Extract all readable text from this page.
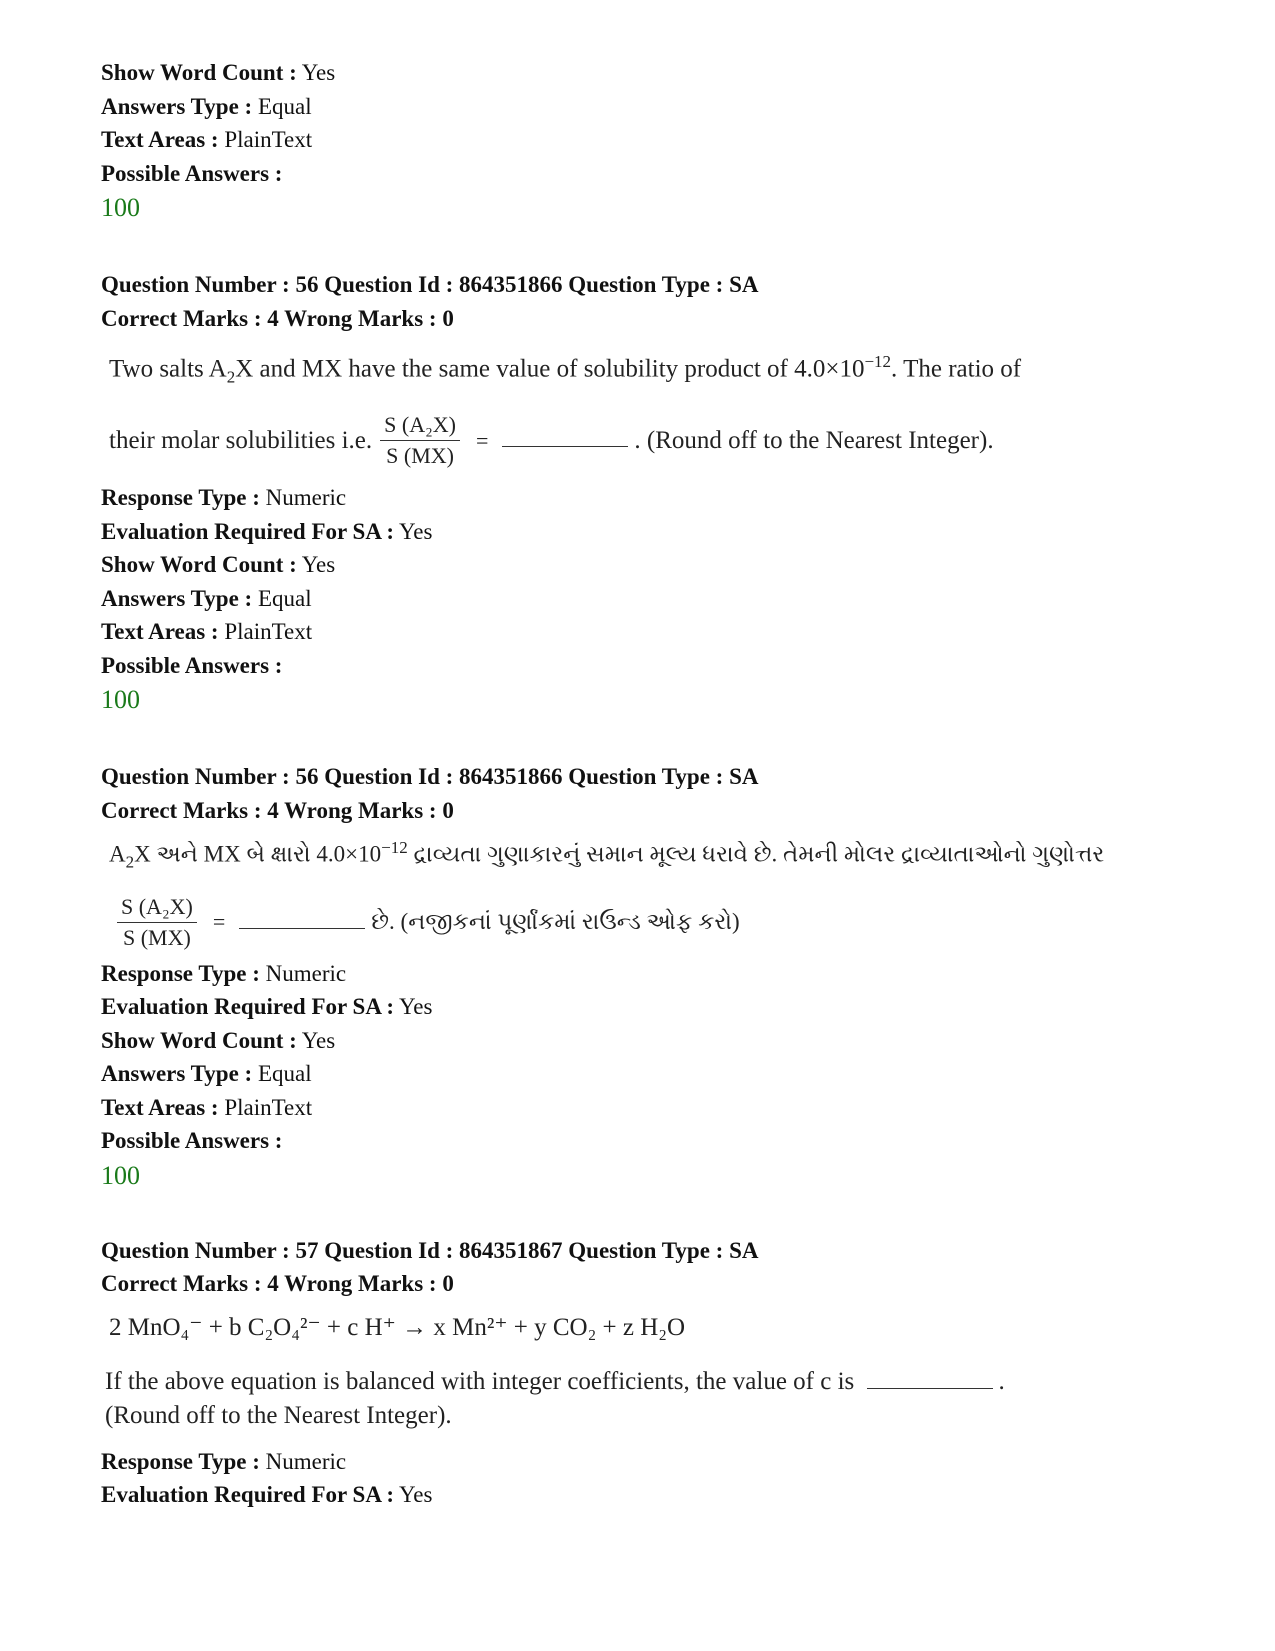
Show Word Count : Yes
Answers Type : Equal
Text Areas : PlainText
Possible Answers :
100
Question Number : 56 Question Id : 864351866 Question Type : SA
Correct Marks : 4 Wrong Marks : 0
Two salts $A_2X$ and MX have the same value of solubility product of $4.0\times 10^{-12}$. The ratio of
their molar solubilities i.e. $\frac{\text{S (A₂X)}}{S (MX)}$ =	. (Round off to the Nearest Integer).
Response Type : Numeric
Evaluation Required For SA : Yes
Show Word Count : Yes
Answers Type : Equal
Text Areas : PlainText
Possible Answers :
100
Question Number : 56 Question Id : 864351866 Question Type : SA
Correct Marks : 4 Wrong Marks : 0
$A_2X$ અને MX બે ક્ષારો $4.0\times 10^{-12}$ દ્રાવ્યતા ગુણાકારનું સમાન મૂલ્ય ધરાવે છે. તેમની મોલર દ્રાવ્યાતાઓનો ગુણોત્તર
$\frac{\text{S (A₂X)}}{S (MX)}$ =	છે. (નજીકનાં પૂર્ણાંકમાં રાઉન્ડ ઓફ કરો)
Response Type : Numeric
Evaluation Required For SA : Yes
Show Word Count : Yes
Answers Type : Equal
Text Areas : PlainText
Possible Answers :
100
Question Number : 57 Question Id : 864351867 Question Type : SA
Correct Marks : 4 Wrong Marks : 0
2 MnO₄⁻ + b C₂O₄²⁻ + c H⁺ → x Mn²⁺ + y CO₂ + z H₂O
If the above equation is balanced with integer coefficients, the value of c is	.
(Round off to the Nearest Integer).
Response Type : Numeric
Evaluation Required For SA : Yes
